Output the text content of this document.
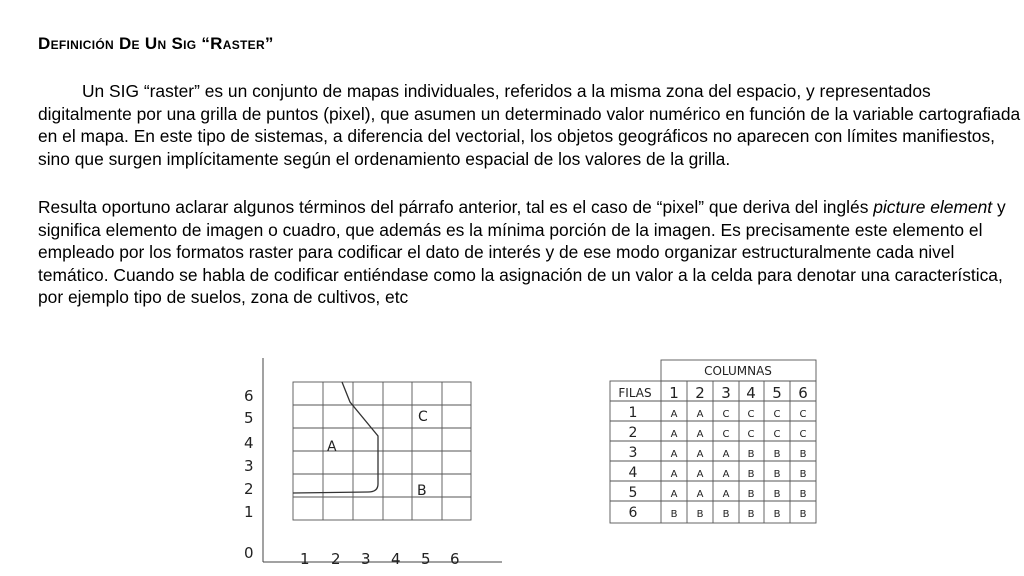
Definición De Un Sig “Raster”

Un SIG “raster” es un conjunto de mapas individuales, referidos a la misma zona del espacio, y representados digitalmente por una grilla de puntos (pixel), que asumen un determinado valor numérico en función de la variable cartografiada en el mapa. En este tipo de sistemas, a diferencia del vectorial, los objetos geográficos no aparecen con límites manifiestos, sino que surgen implícitamente según el ordenamiento espacial de los valores de la grilla.

Resulta oportuno aclarar algunos términos del párrafo anterior, tal es el caso de “pixel” que deriva del inglés picture element y significa elemento de imagen o cuadro, que además es la mínima porción de la imagen. Es precisamente este elemento el empleado por los formatos raster para codificar el dato de interés y de ese modo organizar estructuralmente cada nivel temático. Cuando se habla de codificar entiéndase como la asignación de un valor a la celda para denotar una característica, por ejemplo tipo de suelos, zona de cultivos, etc

6
5
4
3
2
1
0	1 2 3 4 5 6
A
B
C
COLUMNAS
FILAS 1 2 3 4 5 6
1	A A C C C C
2	A A C C C C
3	A A A B B B
4	A A A B B B
5	A A A B B B
6	B B B B B B
